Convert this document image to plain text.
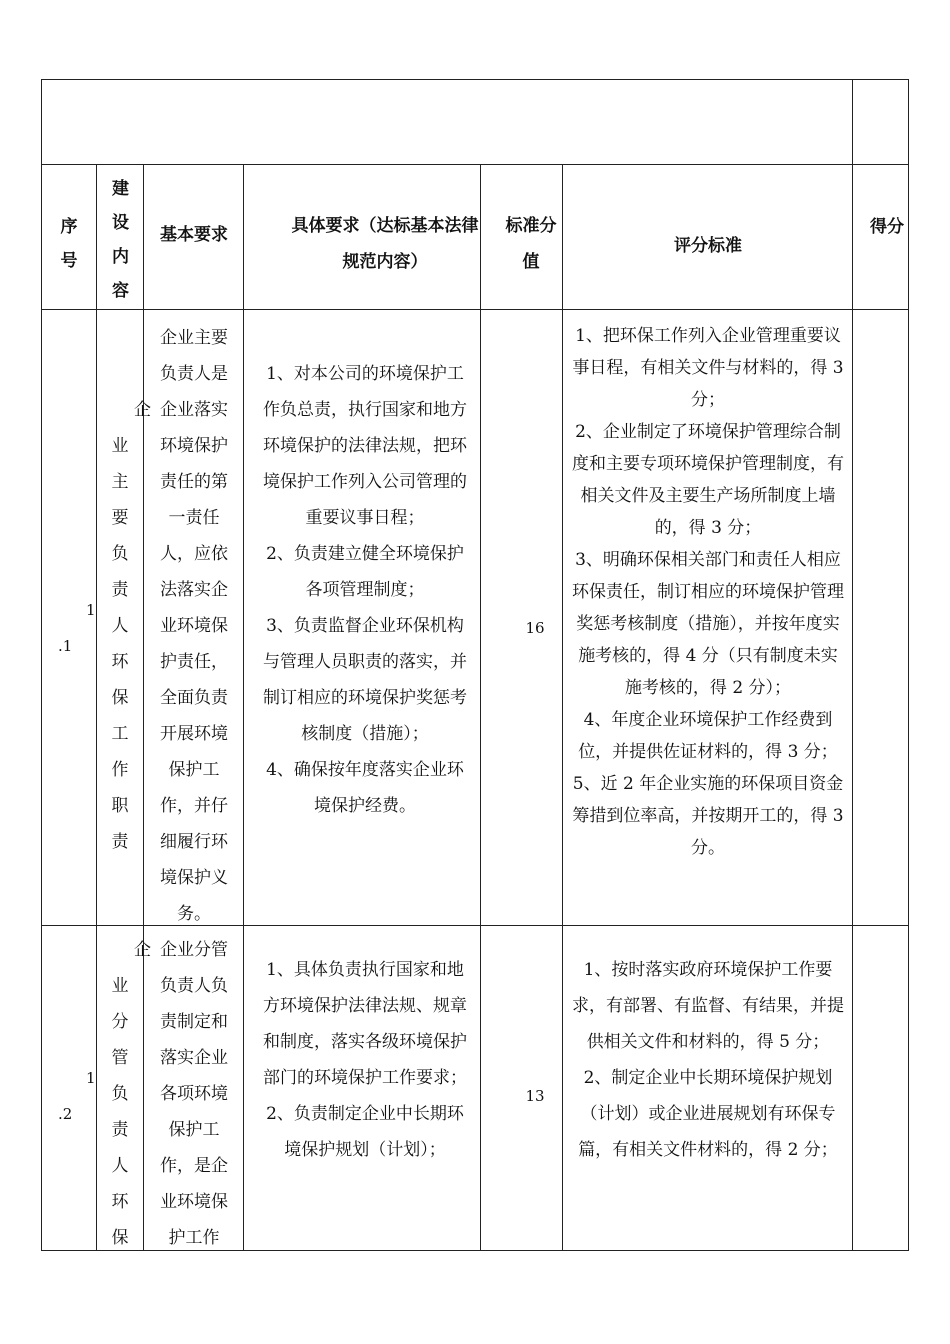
序号
建设内容
基本要求	具体要求（达标基本法律规范内容）
标准分值
评分标准
得分
1
.1
企
业主要负责人环保工作职责
企业主要负责人是企业落实环境保护责任的第一责任人，应依法落实企业环境保护责任，全面负责开展环境保护工作，并仔细履行环境保护义务。
1、对本公司的环境保护工作负总责，执行国家和地方环境保护的法律法规，把环境保护工作列入公司管理的重要议事日程；
2、负责建立健全环境保护各项管理制度；
3、负责监督企业环保机构与管理人员职责的落实，并制订相应的环境保护奖惩考核制度（措施）；
4、确保按年度落实企业环境保护经费。
16
1、把环保工作列入企业管理重要议事日程，有相关文件与材料的，得 3 分；
2、企业制定了环境保护管理综合制度和主要专项环境保护管理制度，有相关文件及主要生产场所制度上墙的，得 3 分；
3、明确环保相关部门和责任人相应环保责任，制订相应的环境保护管理奖惩考核制度（措施），并按年度实施考核的，得 4 分（只有制度未实施考核的，得 2 分）；
4、年度企业环境保护工作经费到位，并提供佐证材料的，得 3 分；
5、近 2 年企业实施的环保项目资金筹措到位率高，并按期开工的，得 3 分。
1
.2
企
业分管负责人环保
企业分管负责人负责制定和落实企业各项环境保护工作，是企业环境保护工作
1、具体负责执行国家和地方环境保护法律法规、规章和制度，落实各级环境保护部门的环境保护工作要求；
2、负责制定企业中长期环境保护规划（计划）；
13
1、按时落实政府环境保护工作要求，有部署、有监督、有结果，并提供相关文件和材料的，得 5 分；
2、制定企业中长期环境保护规划（计划）或企业进展规划有环保专篇，有相关文件材料的，得 2 分；
